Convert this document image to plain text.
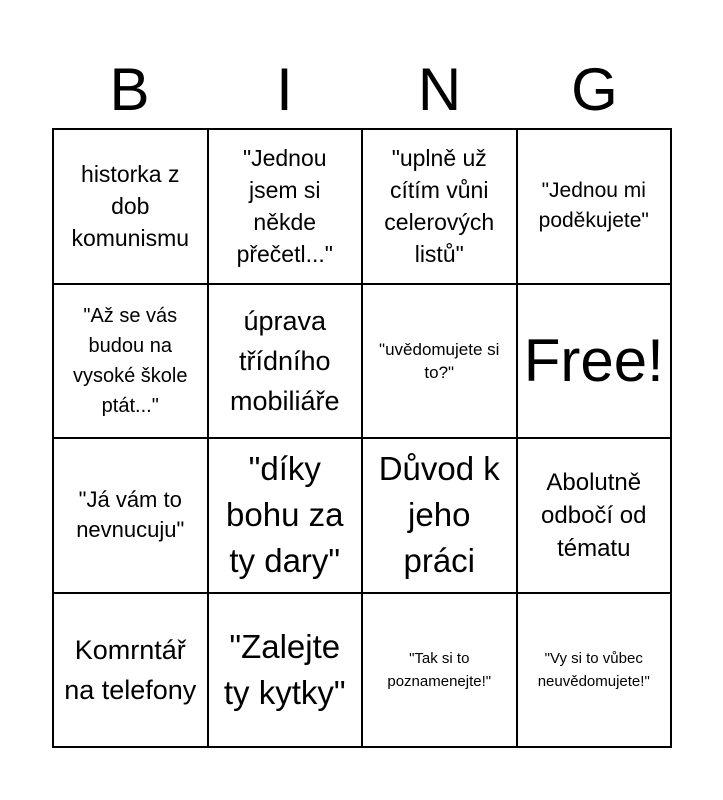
B	I	N	G
historka z dob komunismu
"Jednou jsem si někde přečetl..."
"uplně už cítím vůni celerových listů"
"Jednou mi poděkujete"
"Až se vás budou na vysoké škole ptát..."
úprava třídního mobiliáře
"uvědomujete si to?"	Free!
"Já vám to nevnucuju"
"díky bohu za ty dary"
Důvod k jeho práci
Abolutně odbočí od tématu
Komrntář na telefony
"Zalejte ty kytky"
"Tak si to poznamenejte!"
"Vy si to vůbec neuvědomujete!"
